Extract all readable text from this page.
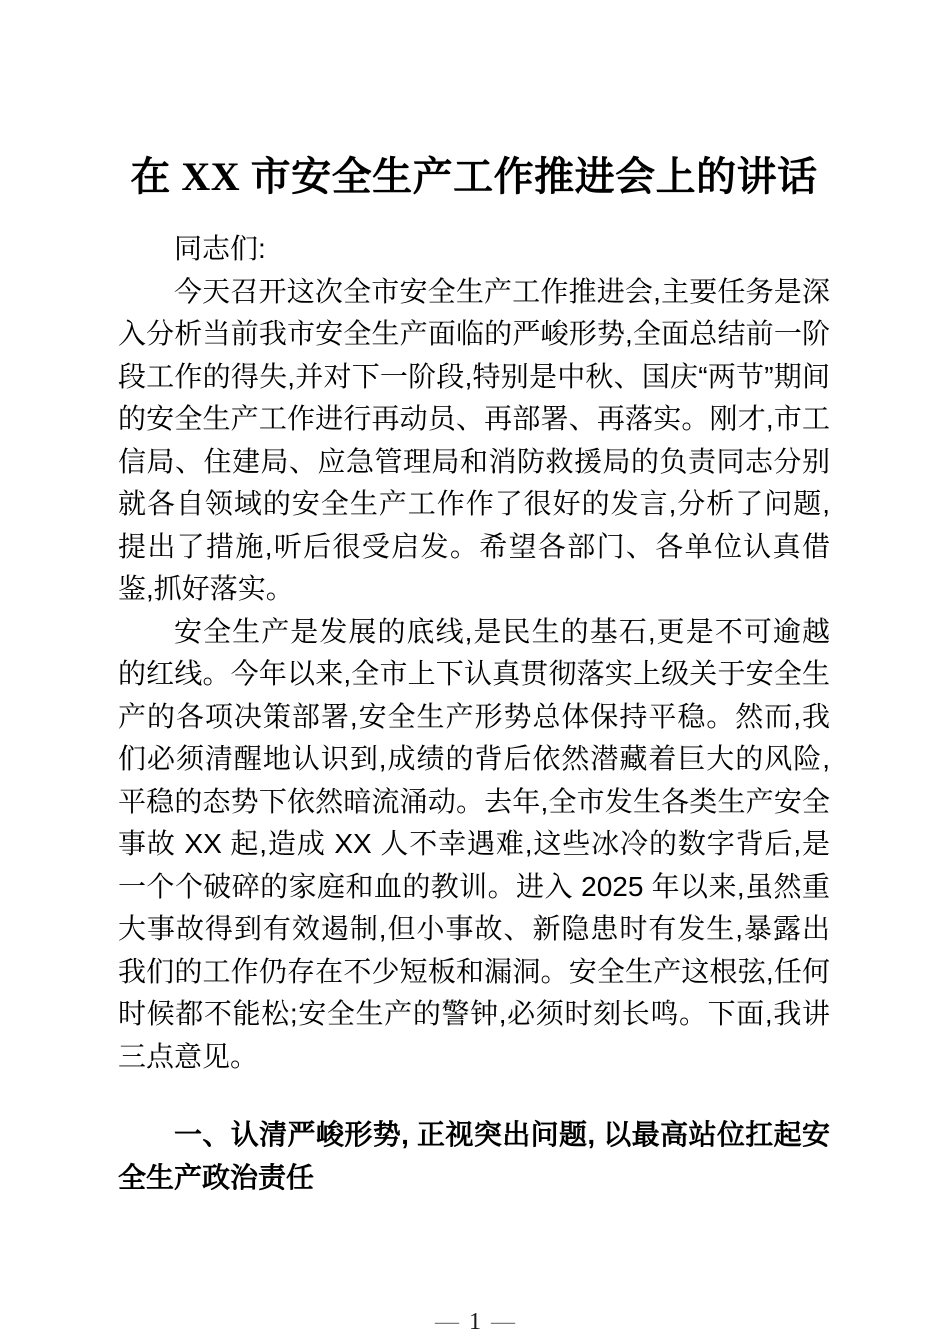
在 XX 市安全生产工作推进会上的讲话

同志们:

今天召开这次全市安全生产工作推进会,主要任务是深入分析当前我市安全生产面临的严峻形势,全面总结前一阶段工作的得失,并对下一阶段,特别是中秋、国庆“两节”期间的安全生产工作进行再动员、再部署、再落实。刚才,市工信局、住建局、应急管理局和消防救援局的负责同志分别就各自领域的安全生产工作作了很好的发言,分析了问题,提出了措施,听后很受启发。希望各部门、各单位认真借鉴,抓好落实。

安全生产是发展的底线,是民生的基石,更是不可逾越的红线。今年以来,全市上下认真贯彻落实上级关于安全生产的各项决策部署,安全生产形势总体保持平稳。然而,我们必须清醒地认识到,成绩的背后依然潜藏着巨大的风险,平稳的态势下依然暗流涌动。去年,全市发生各类生产安全事故 XX 起,造成 XX 人不幸遇难,这些冰冷的数字背后,是一个个破碎的家庭和血的教训。进入 2025 年以来,虽然重大事故得到有效遏制,但小事故、新隐患时有发生,暴露出我们的工作仍存在不少短板和漏洞。安全生产这根弦,任何时候都不能松;安全生产的警钟,必须时刻长鸣。下面,我讲三点意见。

一、认清严峻形势, 正视突出问题, 以最高站位扛起安全生产政治责任

— 1 —
